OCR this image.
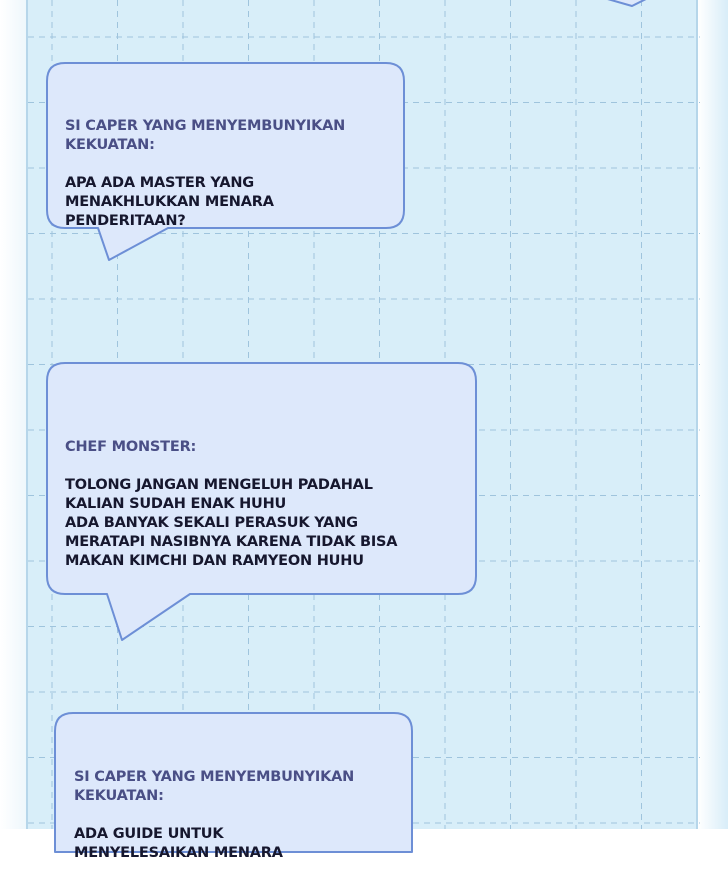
SI CAPER YANG MENYEMBUNYIKAN
KEKUATAN:

APA ADA MASTER YANG
MENAKHLUKKAN MENARA
PENDERITAAN?

CHEF MONSTER:

TOLONG JANGAN MENGELUH PADAHAL
KALIAN SUDAH ENAK HUHU
ADA BANYAK SEKALI PERASUK YANG
MERATAPI NASIBNYA KARENA TIDAK BISA
MAKAN KIMCHI DAN RAMYEON HUHU

SI CAPER YANG MENYEMBUNYIKAN
KEKUATAN:

ADA GUIDE UNTUK
MENYELESAIKAN MENARA
